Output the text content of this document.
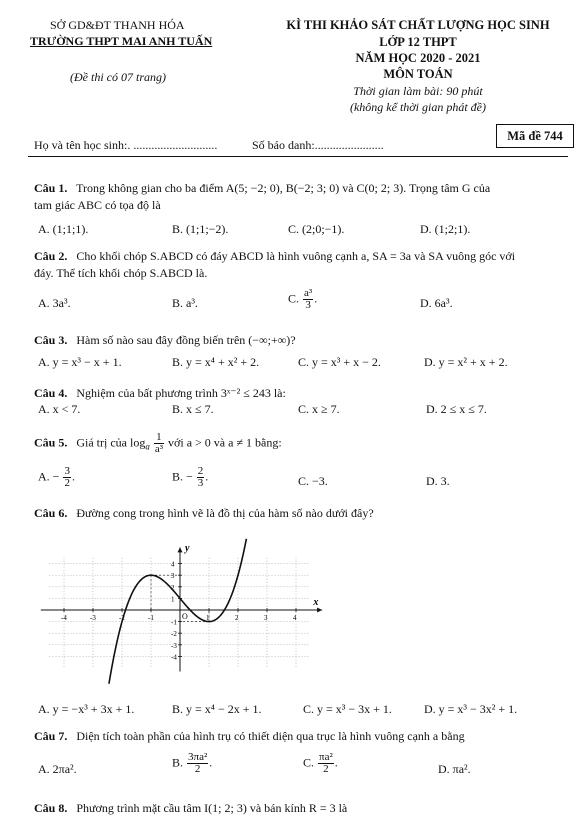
SỞ GD&ĐT THANH HÓA
TRƯỜNG THPT MAI ANH TUẤN
(Đề thi có 07 trang)
KÌ THI KHẢO SÁT CHẤT LƯỢNG HỌC SINH
LỚP 12 THPT
NĂM HỌC 2020 - 2021
MÔN TOÁN
Thời gian làm bài: 90 phút
(không kể thời gian phát đề)
Họ và tên học sinh:. ............................	Số báo danh:.......................
Mã đề 744
Câu 1. Trong không gian cho ba điểm A(5; −2; 0), B(−2; 3; 0) và C(0; 2; 3). Trọng tâm G của
tam giác ABC có tọa độ là
A. (1;1;1).	B. (1;1;−2).	C. (2;0;−1).	D. (1;2;1).
Câu 2. Cho khối chóp S.ABCD có đáy ABCD là hình vuông cạnh a, SA = 3a và SA vuông góc với
đáy. Thể tích khối chóp S.ABCD là.
A. 3a³.	B. a³.	C. $\frac{\text{a³}}{3}$ .	D. 6a³.
Câu 3. Hàm số nào sau đây đồng biến trên (−∞;+∞)?
A. y = x³ − x + 1.	B. y = x⁴ + x² + 2.	C. y = x³ + x − 2.	D. y = x² + x + 2.
Câu 4. Nghiệm của bất phương trình 3ˣ⁻² ≤ 243 là:
A. x < 7.	B. x ≤ 7.	C. x ≥ 7.	D. 2 ≤ x ≤ 7.
Câu 5. Giá trị của $\log_a \frac{1}{\text{a³}}$ với a > 0 và a ≠ 1 bằng:
A. − $\frac{3}{2}$ .	B. − $\frac{2}{3}$ .	C. −3.	D. 3.
Câu 6. Đường cong trong hình vẽ là đồ thị của hàm số nào dưới đây?
-4	-3	-2	-1	1	2	3	4
4
3
2
1
-1
-2
-3
-4
x
y
O
A. y = −x³ + 3x + 1.	B. y = x⁴ − 2x + 1.	C. y = x³ − 3x + 1.	D. y = x³ − 3x² + 1.
Câu 7. Diện tích toàn phần của hình trụ có thiết diện qua trục là hình vuông cạnh a bằng
A. 2πa².	B. $\frac{\text{3πa²}}{2}$ .	C. $\frac{\text{πa²}}{2}$ .	D. πa².
Câu 8. Phương trình mặt cầu tâm I(1; 2; 3) và bán kính R = 3 là
